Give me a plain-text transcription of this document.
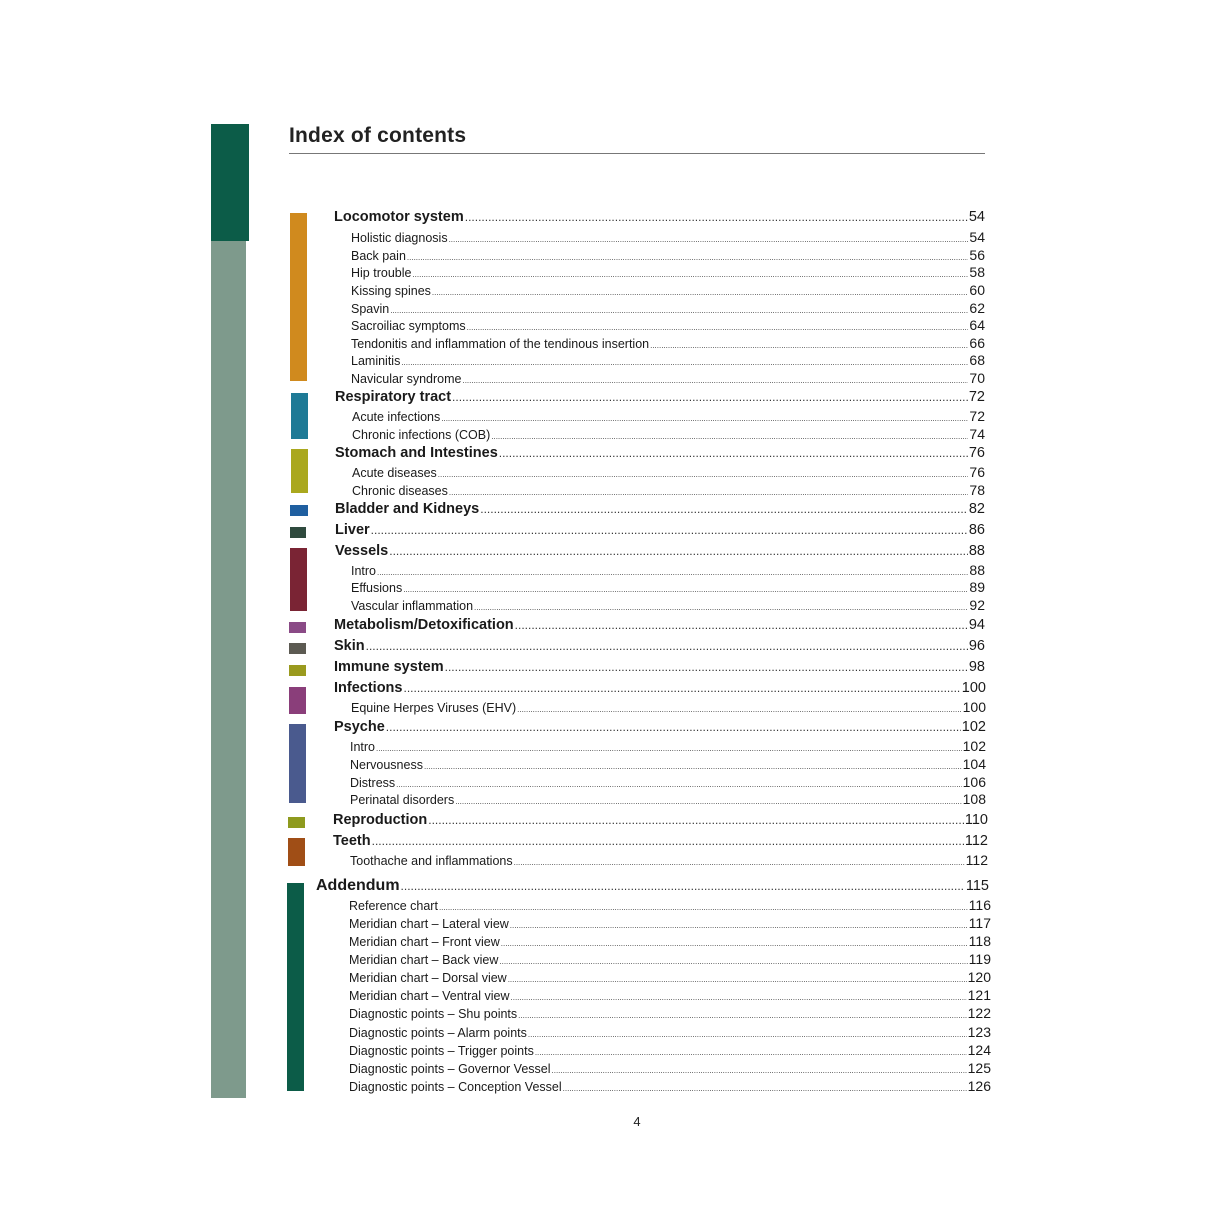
Index of contents
Locomotor system .....	54
Holistic diagnosis .....	54
Back pain .....	56
Hip trouble .....	58
Kissing spines .....	60
Spavin .....	62
Sacroiliac symptoms .....	64
Tendonitis and inflammation of the tendinous insertion .....	66
Laminitis .....	68
Navicular syndrome .....	70
Respiratory tract .....	72
Acute infections .....	72
Chronic infections (COB) .....	74
Stomach and Intestines .....	76
Acute diseases .....	76
Chronic diseases .....	78
Bladder and Kidneys .....	82
Liver .....	86
Vessels .....	88
Intro .....	88
Effusions .....	89
Vascular inflammation .....	92
Metabolism/Detoxification .....	94
Skin .....	96
Immune system .....	98
Infections .....	100
Equine Herpes Viruses (EHV) .....	100
Psyche .....	102
Intro .....	102
Nervousness .....	104
Distress .....	106
Perinatal disorders .....	108
Reproduction .....	110
Teeth .....	112
Toothache and inflammations .....	112
Addendum .....	115
Reference chart .....	116
Meridian chart – Lateral view .....	117
Meridian chart – Front view .....	118
Meridian chart – Back view .....	119
Meridian chart – Dorsal view .....	120
Meridian chart – Ventral view .....	121
Diagnostic points – Shu points .....	122
Diagnostic points – Alarm points .....	123
Diagnostic points – Trigger points .....	124
Diagnostic points – Governor Vessel .....	125
Diagnostic points – Conception Vessel .....	126
4
